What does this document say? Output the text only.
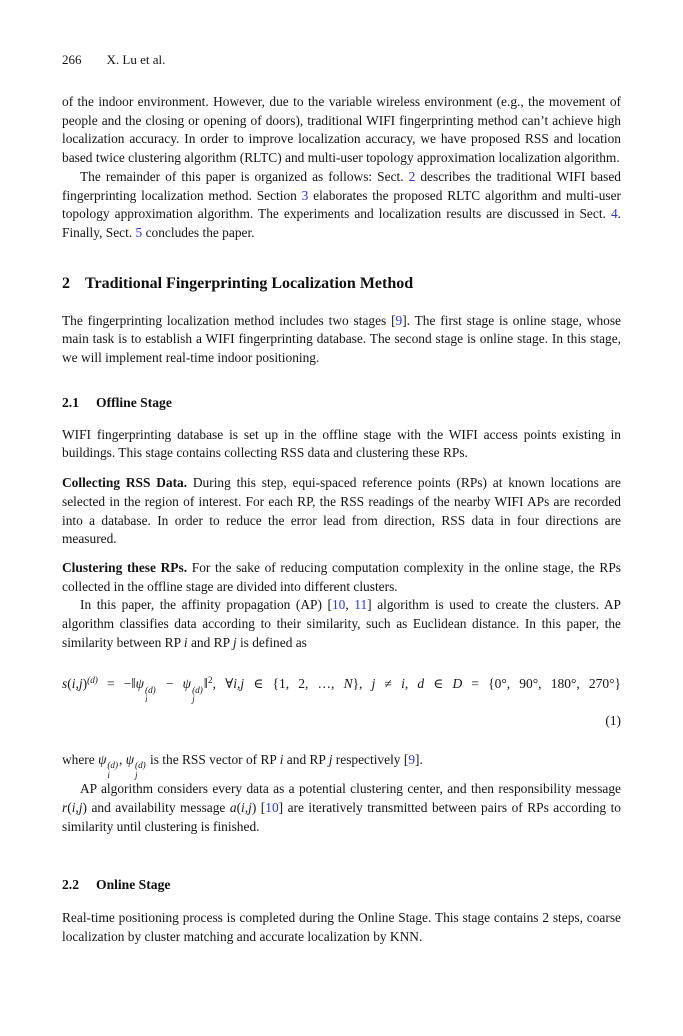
266 X. Lu et al.

of the indoor environment. However, due to the variable wireless environment (e.g., the movement of people and the closing or opening of doors), traditional WIFI fingerprinting method can’t achieve high localization accuracy. In order to improve localization accuracy, we have proposed RSS and location based twice clustering algorithm (RLTC) and multi-user topology approximation localization algorithm.

The remainder of this paper is organized as follows: Sect. 2 describes the traditional WIFI based fingerprinting localization method. Section 3 elaborates the proposed RLTC algorithm and multi-user topology approximation algorithm. The experiments and localization results are discussed in Sect. 4. Finally, Sect. 5 concludes the paper.

2 Traditional Fingerprinting Localization Method

The fingerprinting localization method includes two stages [9]. The first stage is online stage, whose main task is to establish a WIFI fingerprinting database. The second stage is online stage. In this stage, we will implement real-time indoor positioning.

2.1 Offline Stage

WIFI fingerprinting database is set up in the offline stage with the WIFI access points existing in buildings. This stage contains collecting RSS data and clustering these RPs.

Collecting RSS Data. During this step, equi-spaced reference points (RPs) at known locations are selected in the region of interest. For each RP, the RSS readings of the nearby WIFI APs are recorded into a database. In order to reduce the error lead from direction, RSS data in four directions are measured.

Clustering these RPs. For the sake of reducing computation complexity in the online stage, the RPs collected in the offline stage are divided into different clusters.

In this paper, the affinity propagation (AP) [10, 11] algorithm is used to create the clusters. AP algorithm classifies data according to their similarity, such as Euclidean distance. In this paper, the similarity between RP i and RP j is defined as

$s(i,j)^{(d)}$ = −‖ψ (d)
i
− ψ (d)
j
‖$^2$, ∀i,j ∈ {1, 2, …, N}, j ≠ i, d ∈ D = {0°, 90°, 180°, 270°}
(1)

where ψ (d)
i
, ψ (d)
j
is the RSS vector of RP i and RP j respectively [9].

AP algorithm considers every data as a potential clustering center, and then responsibility message r(i,j) and availability message a(i,j) [10] are iteratively transmitted between pairs of RPs according to similarity until clustering is finished.

2.2 Online Stage

Real-time positioning process is completed during the Online Stage. This stage contains 2 steps, coarse localization by cluster matching and accurate localization by KNN.
